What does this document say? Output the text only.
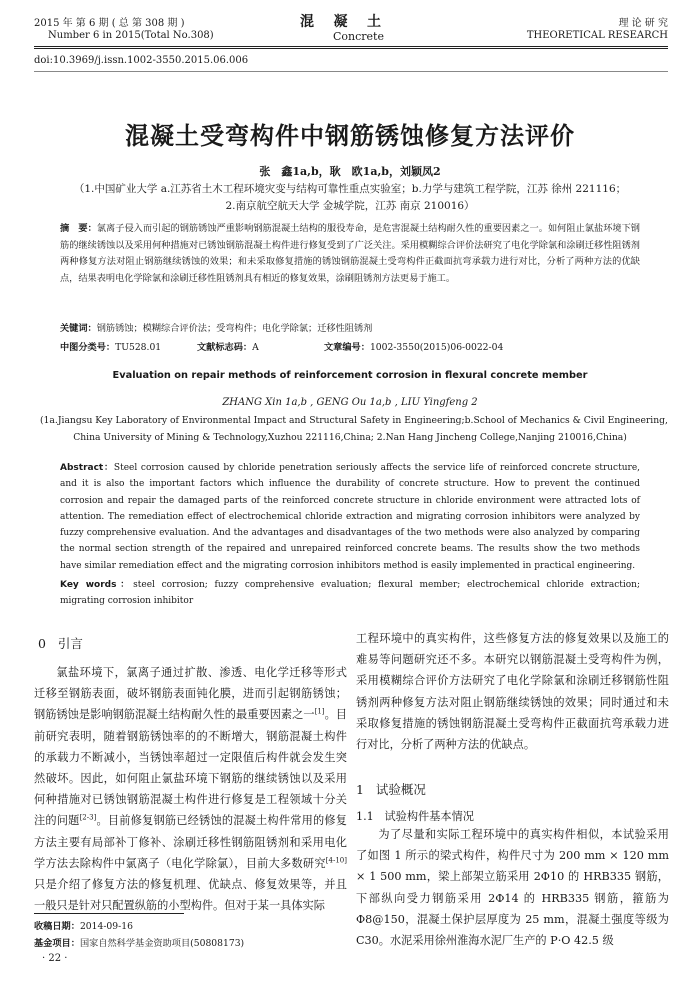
2015 年 第 6 期 ( 总 第 308 期 )	混    凝    土	理 论 研 究
Number 6 in 2015(Total No.308)	Concrete	THEORETICAL RESEARCH
doi:10.3969/j.issn.1002-3550.2015.06.006
混凝土受弯构件中钢筋锈蚀修复方法评价
张　鑫1a,b，耿　欧1a,b，刘颖凤2
（1.中国矿业大学 a.江苏省土木工程环境灾变与结构可靠性重点实验室；b.力学与建筑工程学院，江苏 徐州 221116；
2.南京航空航天大学 金城学院，江苏 南京 210016）
摘　要：氯离子侵入而引起的钢筋锈蚀严重影响钢筋混凝土结构的服役寿命，是危害混凝土结构耐久性的重要因素之一。如何阻止氯盐环境下钢筋的继续锈蚀以及采用何种措施对已锈蚀钢筋混凝土构件进行修复受到了广泛关注。采用模糊综合评价法研究了电化学除氯和涂刷迁移性阻锈剂两种修复方法对阻止钢筋继续锈蚀的效果；和未采取修复措施的锈蚀钢筋混凝土受弯构件正截面抗弯承载力进行对比，分析了两种方法的优缺点，结果表明电化学除氯和涂刷迁移性阻锈剂具有相近的修复效果，涂刷阻锈剂方法更易于施工。
关键词：钢筋锈蚀；模糊综合评价法；受弯构件；电化学除氯；迁移性阻锈剂
中图分类号：TU528.01	文献标志码：A	文章编号：1002-3550(2015)06-0022-04
Evaluation on repair methods of reinforcement corrosion in flexural concrete member
ZHANG Xin 1a,b , GENG Ou 1a,b , LIU Yingfeng 2
(1a.Jiangsu Key Laboratory of Environmental Impact and Structural Safety in Engineering;b.School of Mechanics & Civil Engineering,
China University of Mining & Technology,Xuzhou 221116,China; 2.Nan Hang Jincheng College,Nanjing 210016,China)
Abstract：Steel corrosion caused by chloride penetration seriously affects the service life of reinforced concrete structure, and it is also the important factors which influence the durability of concrete structure. How to prevent the continued corrosion and repair the damaged parts of the reinforced concrete structure in chloride environment were attracted lots of attention. The remediation effect of electrochemical chloride extraction and migrating corrosion inhibitors were analyzed by fuzzy comprehensive evaluation. And the advantages and disadvantages of the two methods were also analyzed by comparing the normal section strength of the repaired and unrepaired reinforced concrete beams. The results show the two methods have similar remediation effect and the migrating corrosion inhibitors method is easily implemented in practical engineering.
Key words：steel corrosion; fuzzy comprehensive evaluation; flexural member; electrochemical chloride extraction; migrating corrosion inhibitor
0 引言

氯盐环境下，氯离子通过扩散、渗透、电化学迁移等形式迁移至钢筋表面，破坏钢筋表面钝化膜，进而引起钢筋锈蚀；钢筋锈蚀是影响钢筋混凝土结构耐久性的最重要因素之一[1]。目前研究表明，随着钢筋锈蚀率的的不断增大，钢筋混凝土构件的承载力不断减小，当锈蚀率超过一定限值后构件就会发生突然破坏。因此，如何阻止氯盐环境下钢筋的继续锈蚀以及采用何种措施对已锈蚀钢筋混凝土构件进行修复是工程领域十分关注的问题[2-3]。目前修复钢筋已经锈蚀的混凝土构件常用的修复方法主要有局部补丁修补、涂刷迁移性钢筋阻锈剂和采用电化学方法去除构件中氯离子（电化学除氯），目前大多数研究[4-10]只是介绍了修复方法的修复机理、优缺点、修复效果等，并且一般只是针对只配置纵筋的小型构件。但对于某一具体实际

工程环境中的真实构件，这些修复方法的修复效果以及施工的难易等问题研究还不多。本研究以钢筋混凝土受弯构件为例，采用模糊综合评价方法研究了电化学除氯和涂刷迁移钢筋性阻锈剂两种修复方法对阻止钢筋继续锈蚀的效果；同时通过和未采取修复措施的锈蚀钢筋混凝土受弯构件正截面抗弯承载力进行对比，分析了两种方法的优缺点。

1 试验概况
1.1 试验构件基本情况

为了尽量和实际工程环境中的真实构件相似，本试验采用了如图 1 所示的梁式构件，构件尺寸为 200 mm × 120 mm × 1 500 mm，梁上部架立筋采用 2Φ10 的 HRB335 钢筋，下部纵向受力钢筋采用 2Φ14 的 HRB335 钢筋，箍筋为 Φ8@150，混凝土保护层厚度为 25 mm，混凝土强度等级为 C30。水泥采用徐州淮海水泥厂生产的 P·O 42.5 级

收稿日期：2014-09-16
基金项目：国家自然科学基金资助项目(50808173)
· 22 ·
